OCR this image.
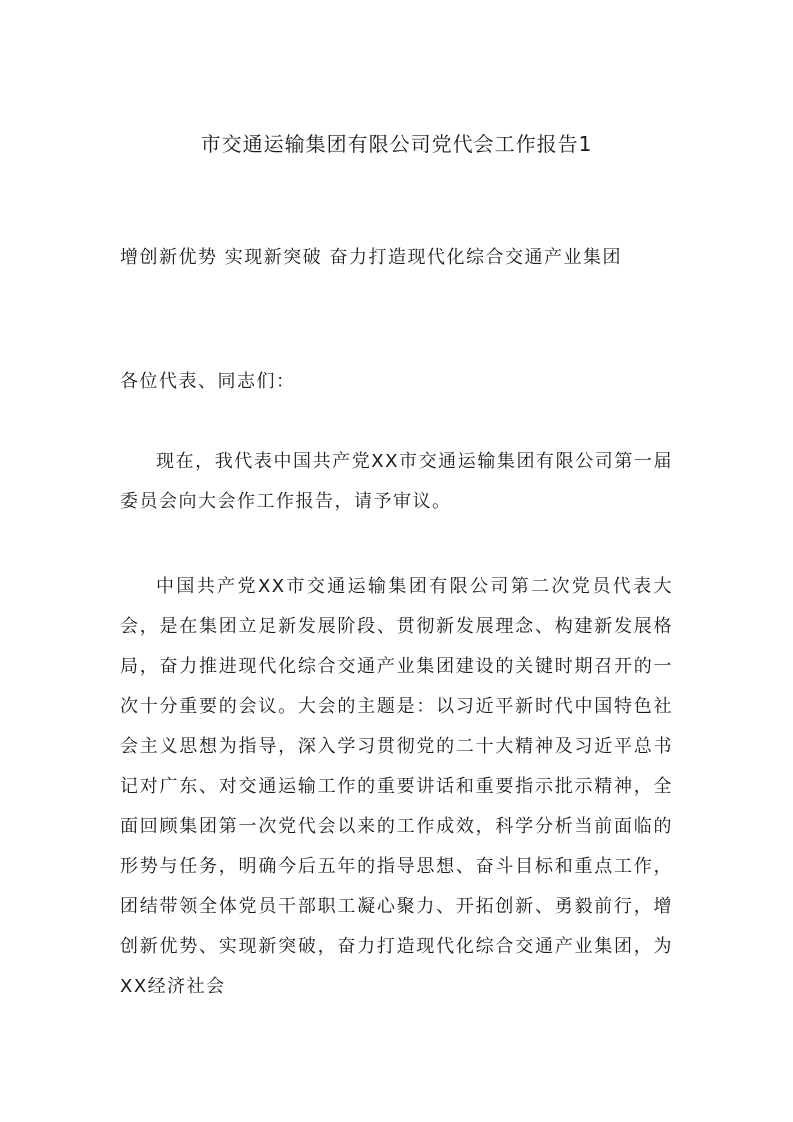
市交通运输集团有限公司党代会工作报告1
增创新优势 实现新突破 奋力打造现代化综合交通产业集团
各位代表、同志们：
现在，我代表中国共产党XX市交通运输集团有限公司第一届委员会向大会作工作报告，请予审议。
中国共产党XX市交通运输集团有限公司第二次党员代表大会，是在集团立足新发展阶段、贯彻新发展理念、构建新发展格局，奋力推进现代化综合交通产业集团建设的关键时期召开的一次十分重要的会议。大会的主题是：以习近平新时代中国特色社会主义思想为指导，深入学习贯彻党的二十大精神及习近平总书记对广东、对交通运输工作的重要讲话和重要指示批示精神，全面回顾集团第一次党代会以来的工作成效，科学分析当前面临的形势与任务，明确今后五年的指导思想、奋斗目标和重点工作，团结带领全体党员干部职工凝心聚力、开拓创新、勇毅前行，增创新优势、实现新突破，奋力打造现代化综合交通产业集团，为XX经济社会
